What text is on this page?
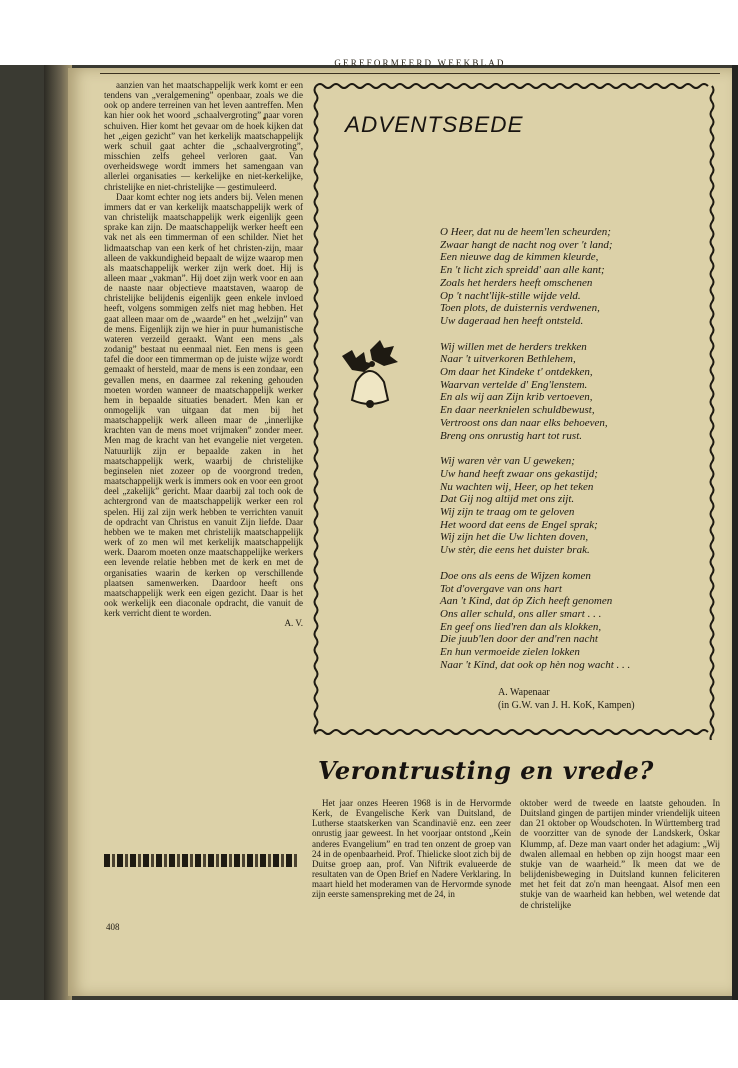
GEREFORMEERD WEEKBLAD

aanzien van het maatschappelijk werk komt er een tendens van „veralgemening” openbaar, zoals we die ook op andere terreinen van het leven aantreffen. Men kan hier ook het woord „schaalvergroting” naar voren schuiven. Hier komt het gevaar om de hoek kijken dat het „eigen gezicht” van het kerkelijk maatschappelijk werk schuil gaat achter die „schaalvergroting”, misschien zelfs geheel verloren gaat. Van overheidswege wordt immers het samengaan van allerlei organisaties — kerkelijke en niet-kerkelijke, christelijke en niet-christelijke — gestimuleerd.

Daar komt echter nog iets anders bij. Velen menen immers dat er van kerkelijk maatschappelijk werk of van christelijk maatschappelijk werk eigenlijk geen sprake kan zijn. De maatschappelijk werker heeft een vak net als een timmerman of een schilder. Niet het lidmaatschap van een kerk of het christen-zijn, maar alleen de vakkundigheid bepaalt de wijze waarop men als maatschappelijk werker zijn werk doet. Hij is alleen maar „vakman”. Hij doet zijn werk voor en aan de naaste naar objectieve maatstaven, waarop de christelijke belijdenis eigenlijk geen enkele invloed heeft, volgens sommigen zelfs niet mag hebben. Het gaat alleen maar om de „waarde” en het „welzijn” van de mens. Eigenlijk zijn we hier in puur humanistische wateren verzeild geraakt. Want een mens „als zodanig” bestaat nu eenmaal niet. Een mens is geen tafel die door een timmerman op de juiste wijze wordt gemaakt of hersteld, maar de mens is een zondaar, een gevallen mens, en daarmee zal rekening gehouden moeten worden wanneer de maatschappelijk werker hem in bepaalde situaties benadert. Men kan er onmogelijk van uitgaan dat men bij het maatschappelijk werk alleen maar de „innerlijke krachten van de mens moet vrijmaken” zonder meer. Men mag de kracht van het evangelie niet vergeten. Natuurlijk zijn er bepaalde zaken in het maatschappelijk werk, waarbij de christelijke beginselen niet zozeer op de voorgrond treden, maatschappelijk werk is immers ook en voor een groot deel „zakelijk” gericht. Maar daarbij zal toch ook de achtergrond van de maatschappelijk werker een rol spelen. Hij zal zijn werk hebben te verrichten vanuit de opdracht van Christus en vanuit Zijn liefde. Daar hebben we te maken met christelijk maatschappelijk werk of zo men wil met kerkelijk maatschappelijk werk. Daarom moeten onze maatschappelijke werkers een levende relatie hebben met de kerk en met de organisaties waarin de kerken op verschillende plaatsen samenwerken. Daardoor heeft ons maatschappelijk werk een eigen gezicht. Daar is het ook werkelijk een diaconale opdracht, die vanuit de kerk verricht dient te worden.

A. V.
ADVENTSBEDE
O Heer, dat nu de heem'len scheurden;
Zwaar hangt de nacht nog over 't land;
Een nieuwe dag de kimmen kleurde,
En 't licht zich spreidd' aan alle kant;
Zoals het herders heeft omschenen
Op 't nacht'lijk-stille wijde veld.
Toen plots, de duisternis verdwenen,
Uw dageraad hen heeft ontsteld.
Wij willen met de herders trekken
Naar 't uitverkoren Bethlehem,
Om daar het Kindeke t' ontdekken,
Waarvan vertelde d' Eng'lenstem.
En als wij aan Zijn krib vertoeven,
En daar neerknielen schuldbewust,
Vertroost ons dan naar elks behoeven,
Breng ons onrustig hart tot rust.
Wij waren vèr van U geweken;
Uw hand heeft zwaar ons gekastijd;
Nu wachten wij, Heer, op het teken
Dat Gij nog altijd met ons zijt.
Wij zijn te traag om te geloven
Het woord dat eens de Engel sprak;
Wij zijn het die Uw lichten doven,
Uw stèr, die eens het duister brak.
Doe ons als eens de Wijzen komen
Tot d'overgave van ons hart
Aan 't Kind, dat óp Zich heeft genomen
Ons aller schuld, ons aller smart . . .
En geef ons lied'ren dan als klokken,
Die juub'len door der and'ren nacht
En hun vermoeide zielen lokken
Naar 't Kind, dat ook op hèn nog wacht . . .
A. Wapenaar
(in G.W. van J. H. KoK, Kampen)
Verontrusting en vrede?

Het jaar onzes Heeren 1968 is in de Hervormde Kerk, de Evangelische Kerk van Duitsland, de Lutherse staatskerken van Scandinavië enz. een zeer onrustig jaar geweest. In het voorjaar ontstond „Kein anderes Evangelium” en trad ten onzent de groep van 24 in de openbaarheid. Prof. Thielicke sloot zich bij de Duitse groep aan, prof. Van Niftrik evalueerde de resultaten van de Open Brief en Nadere Verklaring. In maart hield het moderamen van de Hervormde synode zijn eerste samenspreking met de 24, in

oktober werd de tweede en laatste gehouden. In Duitsland gingen de partijen minder vriendelijk uiteen dan 21 oktober op Woudschoten. In Württemberg trad de voorzitter van de synode der Landskerk, Oskar Klummp, af. Deze man vaart onder het adagium: „Wij dwalen allemaal en hebben op zijn hoogst maar een stukje van de waarheid.” Ik meen dat we de belijdenisbeweging in Duitsland kunnen feliciteren met het feit dat zo'n man heengaat. Alsof men een stukje van de waarheid kan hebben, wel wetende dat de christelijke

408
